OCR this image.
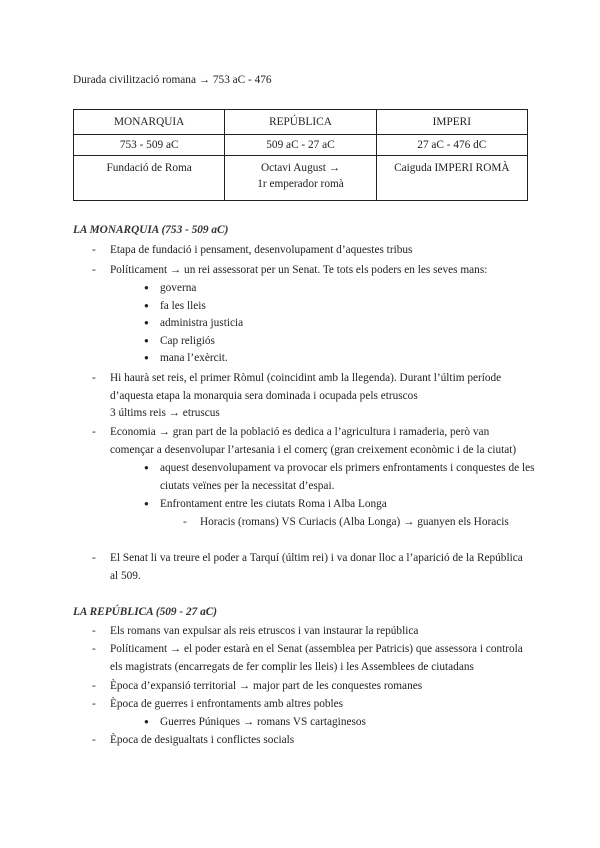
Durada civilització romana → 753 aC - 476
MONARQUIA	REPÚBLICA	IMPERI
753 - 509 aC	509 aC - 27 aC	27 aC - 476 dC
Fundació de Roma	Octavi August → 1r emperador romà	Caiguda IMPERI ROMÀ
LA MONARQUIA (753 - 509 aC)
- Etapa de fundació i pensament, desenvolupament d’aquestes tribus
- Políticament → un rei assessorat per un Senat. Te tots els poders en les seves mans:
● governa
● fa les lleis
● administra justicia
● Cap religiós
● mana l’exèrcit.
- Hi haurà set reis, el primer Ròmul (coincidint amb la llegenda). Durant l’últim període
d’aquesta etapa la monarquia sera dominada i ocupada pels etruscos
3 últims reis → etruscus
- Economia → gran part de la població es dedica a l’agricultura i ramaderia, però van
començar a desenvolupar l’artesania i el comerç (gran creixement econòmic i de la ciutat)
● aquest desenvolupament va provocar els primers enfrontaments i conquestes de les
ciutats veïnes per la necessitat d’espai.
● Enfrontament entre les ciutats Roma i Alba Longa
- Horacis (romans) VS Curiacis (Alba Longa) → guanyen els Horacis
- El Senat li va treure el poder a Tarquí (últim rei) i va donar lloc a l’aparició de la República
al 509.
- Els romans van expulsar als reis etruscos i van instaurar la república
- Políticament → el poder estarà en el Senat (assemblea per Patricis) que assessora i controla
els magistrats (encarregats de fer complir les lleis) i les Assemblees de ciutadans
- Època d’expansió territorial → major part de les conquestes romanes
- Època de guerres i enfrontaments amb altres pobles
● Guerres Púniques → romans VS cartaginesos
- Època de desigualtats i conflictes socials
LA REPÚBLICA (509 - 27 aC)
